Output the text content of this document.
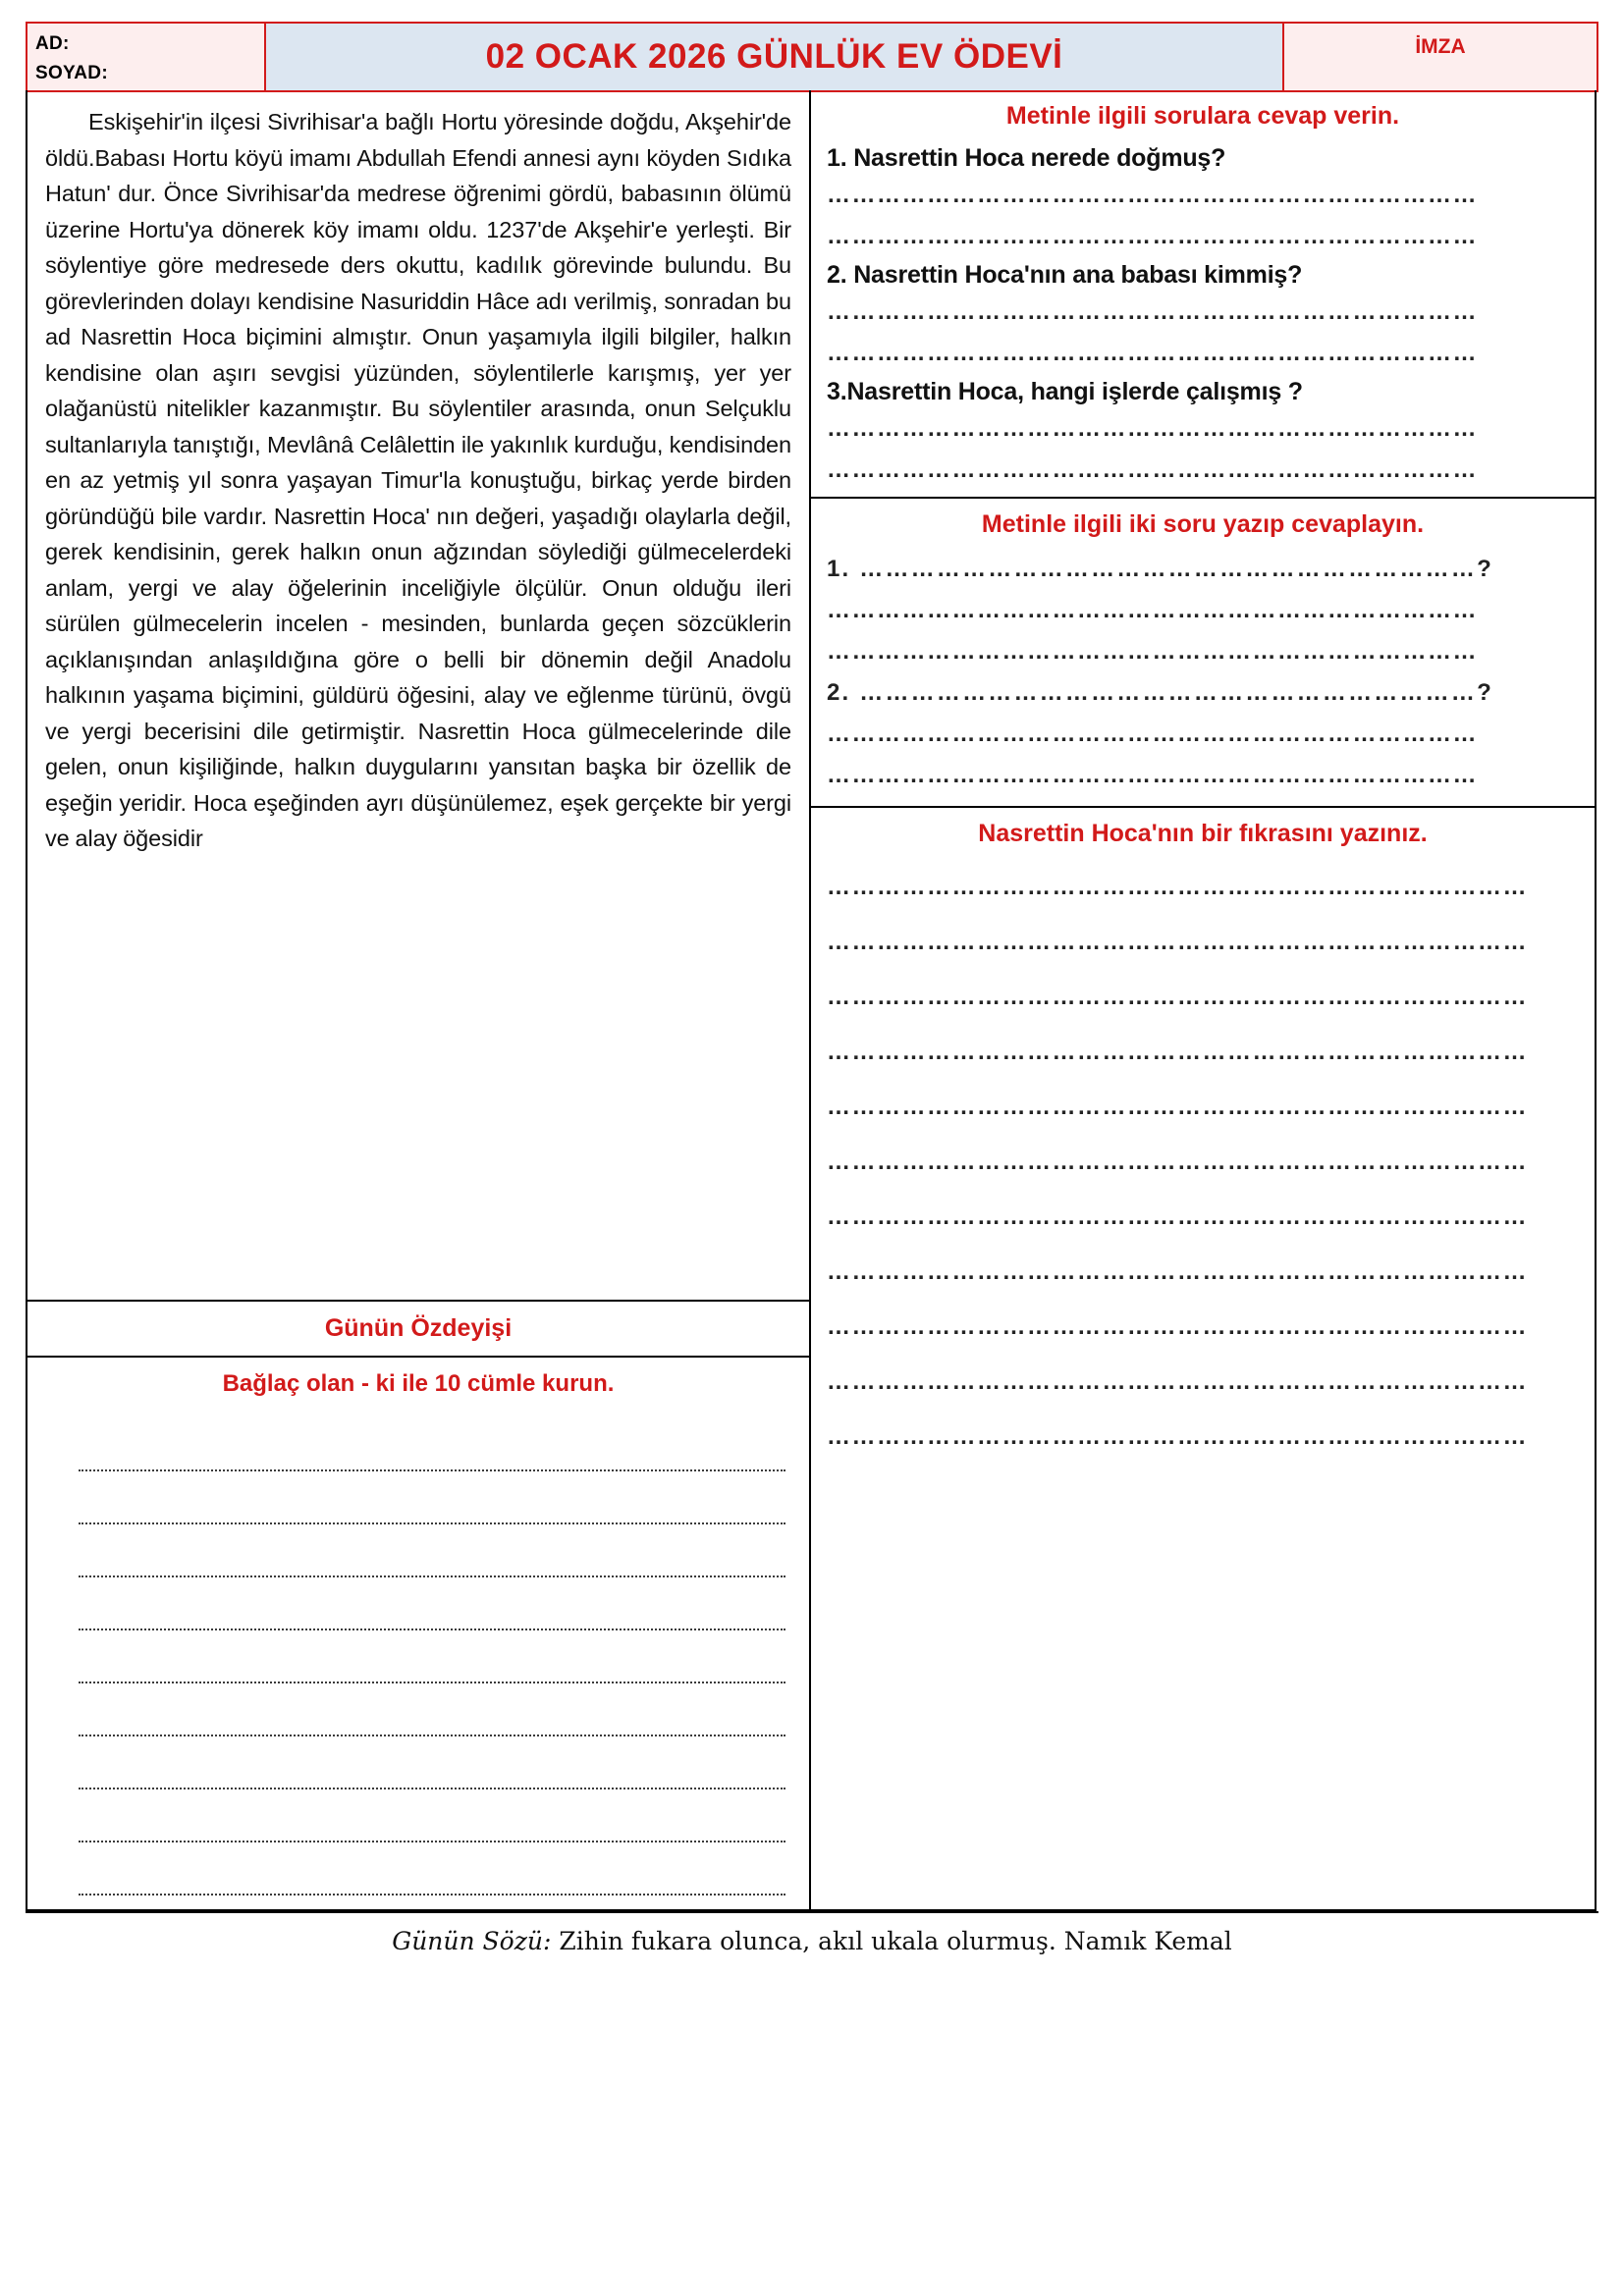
AD:
SOYAD:	02 OCAK 2026 GÜNLÜK EV ÖDEVİ	İMZA

Eskişehir'in ilçesi Sivrihisar'a bağlı Hortu yöresinde doğdu, Akşehir'de öldü.Babası Hortu köyü imamı Abdullah Efendi annesi aynı köyden Sıdıka Hatun' dur. Önce Sivrihisar'da medrese öğrenimi gördü, babasının ölümü üzerine Hortu'ya dönerek köy imamı oldu. 1237'de Akşehir'e yerleşti. Bir söylentiye göre medresede ders okuttu, kadılık görevinde bulundu. Bu görevlerinden dolayı kendisine Nasuriddin Hâce adı verilmiş, sonradan bu ad Nasrettin Hoca biçimini almıştır. Onun yaşamıyla ilgili bilgiler, halkın kendisine olan aşırı sevgisi yüzünden, söylentilerle karışmış, yer yer olağanüstü nitelikler kazanmıştır. Bu söylentiler arasında, onun Selçuklu sultanlarıyla tanıştığı, Mevlânâ Celâlettin ile yakınlık kurduğu, kendisinden en az yetmiş yıl sonra yaşayan Timur'la konuştuğu, birkaç yerde birden göründüğü bile vardır. Nasrettin Hoca' nın değeri, yaşadığı olaylarla değil, gerek kendisinin, gerek halkın onun ağzından söylediği gülmecelerdeki anlam, yergi ve alay öğelerinin inceliğiyle ölçülür. Onun olduğu ileri sürülen gülmecelerin incelen - mesinden, bunlarda geçen sözcüklerin açıklanışından anlaşıldığına göre o belli bir dönemin değil Anadolu halkının yaşama biçimini, güldürü öğesini, alay ve eğlenme türünü, övgü ve yergi becerisini dile getirmiştir. Nasrettin Hoca gülmecelerinde dile gelen, onun kişiliğinde, halkın duygularını yansıtan başka bir özellik de eşeğin yeridir. Hoca eşeğinden ayrı düşünülemez, eşek gerçekte bir yergi ve alay öğesidir

Günün Özdeyişi
Bağlaç olan - ki ile 10 cümle kurun.
Metinle ilgili sorulara cevap verin.
1. Nasrettin Hoca nerede doğmuş?
……………………………………………………………………
……………………………………………………………………
2. Nasrettin Hoca'nın ana babası kimmiş?
……………………………………………………………………
……………………………………………………………………
3.Nasrettin Hoca, hangi işlerde çalışmış ?
……………………………………………………………………
……………………………………………………………………
Metinle ilgili iki soru yazıp cevaplayın.
1. ………………………………………………………………?
……………………………………………………………………
……………………………………………………………………
2. ………………………………………………………………?
……………………………………………………………………
……………………………………………………………………
Nasrettin Hoca'nın bir fıkrasını yazınız.
…………………………………………………………………………
…………………………………………………………………………
…………………………………………………………………………
…………………………………………………………………………
…………………………………………………………………………
…………………………………………………………………………
…………………………………………………………………………
…………………………………………………………………………
…………………………………………………………………………
…………………………………………………………………………
…………………………………………………………………………
Günün Sözü: Zihin fukara olunca, akıl ukala olurmuş. Namık Kemal
